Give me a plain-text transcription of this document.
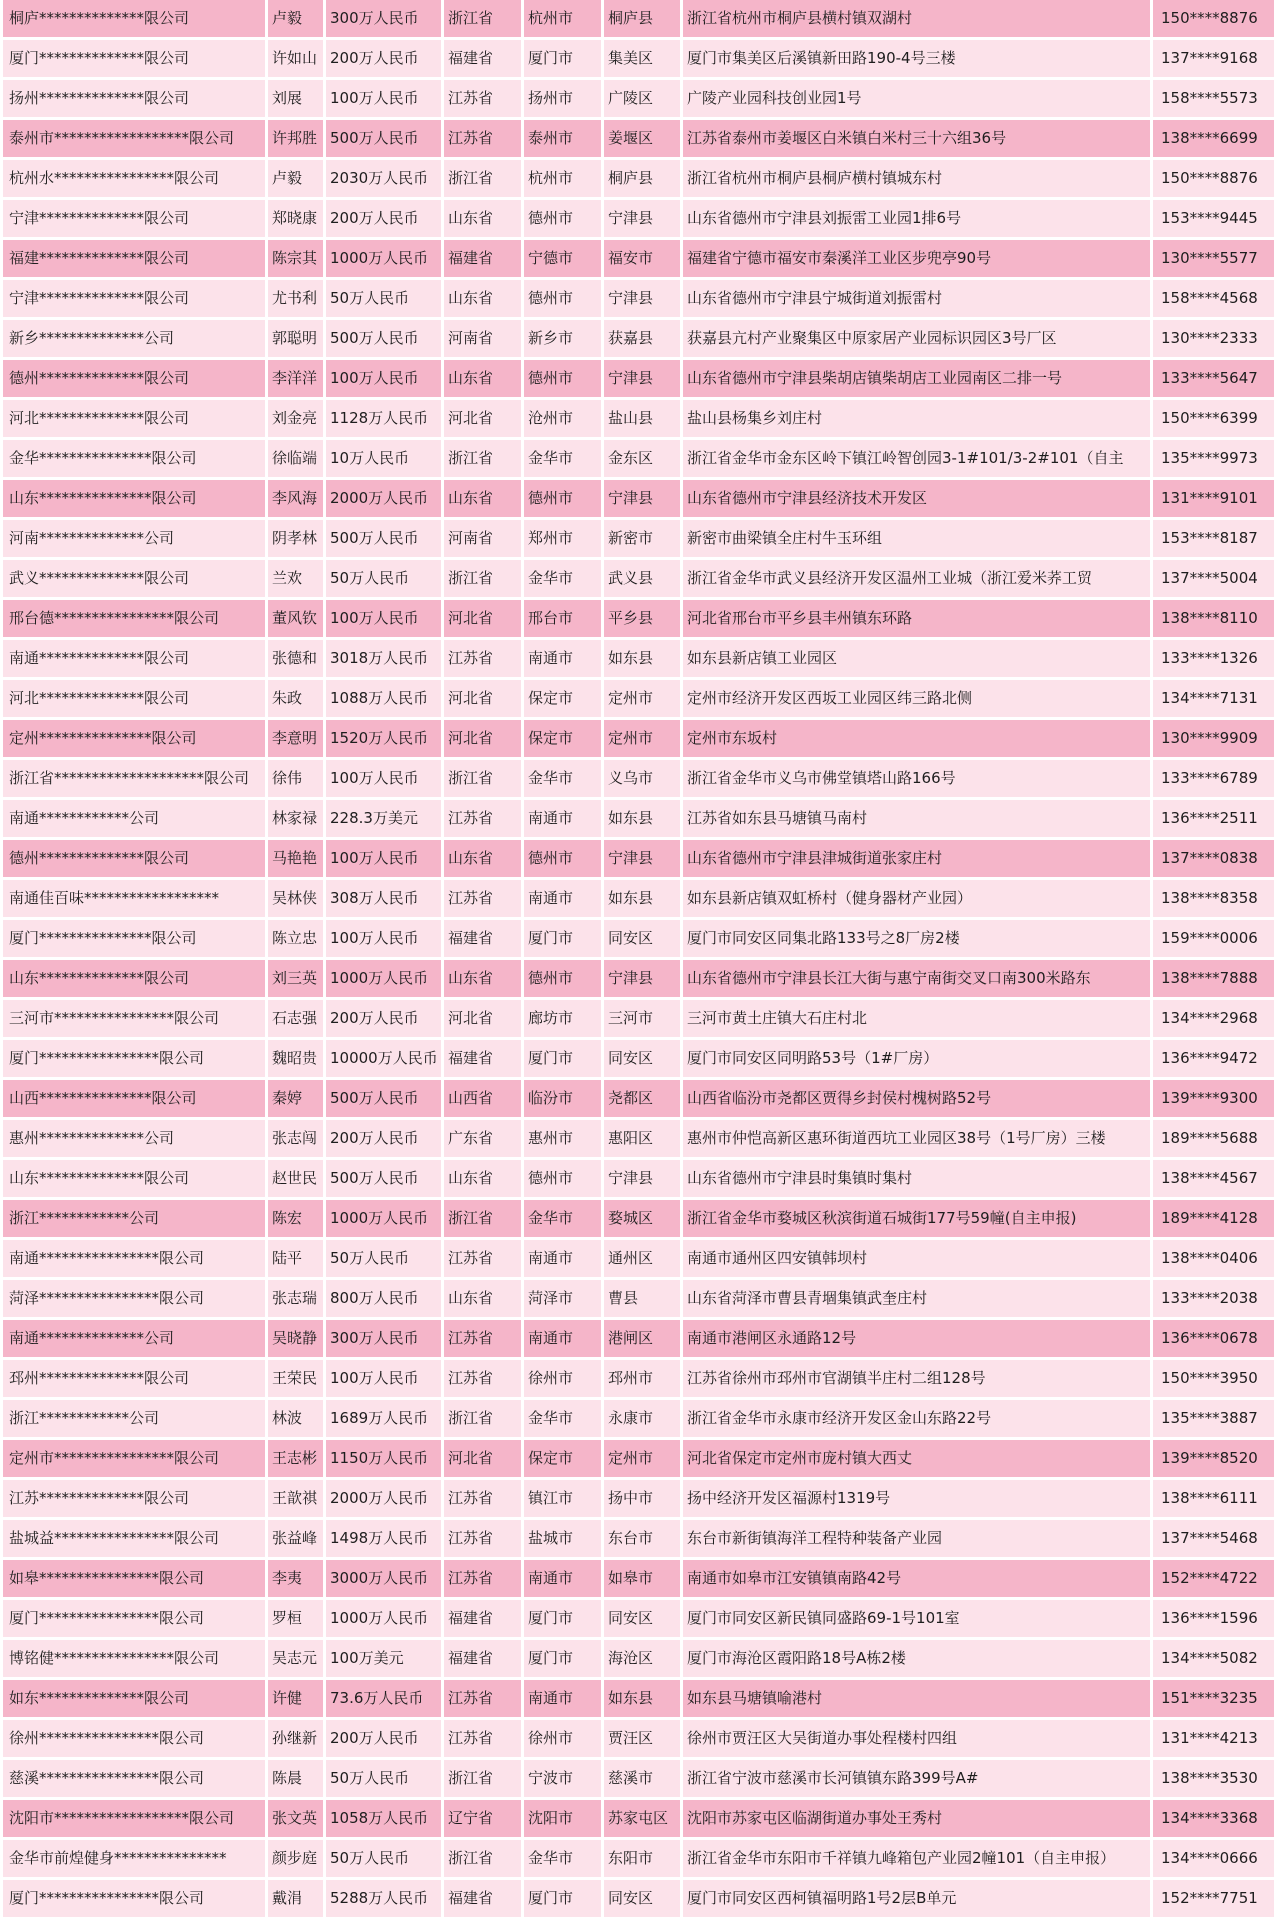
桐庐**************限公司	卢毅	300万人民币	浙江省	杭州市	桐庐县	浙江省杭州市桐庐县横村镇双湖村	150****8876
厦门**************限公司	许如山	200万人民币	福建省	厦门市	集美区	厦门市集美区后溪镇新田路190-4号三楼	137****9168
扬州**************限公司	刘展	100万人民币	江苏省	扬州市	广陵区	广陵产业园科技创业园1号	158****5573
泰州市******************限公司	许邦胜	500万人民币	江苏省	泰州市	姜堰区	江苏省泰州市姜堰区白米镇白米村三十六组36号	138****6699
杭州水****************限公司	卢毅	2030万人民币	浙江省	杭州市	桐庐县	浙江省杭州市桐庐县桐庐横村镇城东村	150****8876
宁津**************限公司	郑晓康	200万人民币	山东省	德州市	宁津县	山东省德州市宁津县刘振雷工业园1排6号	153****9445
福建**************限公司	陈宗其	1000万人民币	福建省	宁德市	福安市	福建省宁德市福安市秦溪洋工业区步兜亭90号	130****5577
宁津**************限公司	尤书利	50万人民币	山东省	德州市	宁津县	山东省德州市宁津县宁城街道刘振雷村	158****4568
新乡**************公司	郭聪明	500万人民币	河南省	新乡市	获嘉县	获嘉县亢村产业聚集区中原家居产业园标识园区3号厂区	130****2333
德州**************限公司	李洋洋	100万人民币	山东省	德州市	宁津县	山东省德州市宁津县柴胡店镇柴胡店工业园南区二排一号	133****5647
河北**************限公司	刘金亮	1128万人民币	河北省	沧州市	盐山县	盐山县杨集乡刘庄村	150****6399
金华***************限公司	徐临端	10万人民币	浙江省	金华市	金东区	浙江省金华市金东区岭下镇江岭智创园3-1#101/3-2#101（自主	135****9973
山东***************限公司	李风海	2000万人民币	山东省	德州市	宁津县	山东省德州市宁津县经济技术开发区	131****9101
河南**************公司	阴孝林	500万人民币	河南省	郑州市	新密市	新密市曲梁镇全庄村牛玉环组	153****8187
武义**************限公司	兰欢	50万人民币	浙江省	金华市	武义县	浙江省金华市武义县经济开发区温州工业城（浙江爱米荞工贸	137****5004
邢台德****************限公司	董风钦	100万人民币	河北省	邢台市	平乡县	河北省邢台市平乡县丰州镇东环路	138****8110
南通**************限公司	张德和	3018万人民币	江苏省	南通市	如东县	如东县新店镇工业园区	133****1326
河北**************限公司	朱政	1088万人民币	河北省	保定市	定州市	定州市经济开发区西坂工业园区纬三路北侧	134****7131
定州***************限公司	李意明	1520万人民币	河北省	保定市	定州市	定州市东坂村	130****9909
浙江省********************限公司	徐伟	100万人民币	浙江省	金华市	义乌市	浙江省金华市义乌市佛堂镇塔山路166号	133****6789
南通************公司	林家禄	228.3万美元	江苏省	南通市	如东县	江苏省如东县马塘镇马南村	136****2511
德州**************限公司	马艳艳	100万人民币	山东省	德州市	宁津县	山东省德州市宁津县津城街道张家庄村	137****0838
南通佳百味******************	吴林侠	308万人民币	江苏省	南通市	如东县	如东县新店镇双虹桥村（健身器材产业园）	138****8358
厦门***************限公司	陈立忠	100万人民币	福建省	厦门市	同安区	厦门市同安区同集北路133号之8厂房2楼	159****0006
山东**************限公司	刘三英	1000万人民币	山东省	德州市	宁津县	山东省德州市宁津县长江大街与惠宁南街交叉口南300米路东	138****7888
三河市****************限公司	石志强	200万人民币	河北省	廊坊市	三河市	三河市黄土庄镇大石庄村北	134****2968
厦门****************限公司	魏昭贵	10000万人民币	福建省	厦门市	同安区	厦门市同安区同明路53号（1#厂房）	136****9472
山西***************限公司	秦婷	500万人民币	山西省	临汾市	尧都区	山西省临汾市尧都区贾得乡封侯村槐树路52号	139****9300
惠州**************公司	张志闯	200万人民币	广东省	惠州市	惠阳区	惠州市仲恺高新区惠环街道西坑工业园区38号（1号厂房）三楼	189****5688
山东**************限公司	赵世民	500万人民币	山东省	德州市	宁津县	山东省德州市宁津县时集镇时集村	138****4567
浙江************公司	陈宏	1000万人民币	浙江省	金华市	婺城区	浙江省金华市婺城区秋滨街道石城街177号59幢(自主申报)	189****4128
南通****************限公司	陆平	50万人民币	江苏省	南通市	通州区	南通市通州区四安镇韩坝村	138****0406
菏泽****************限公司	张志瑞	800万人民币	山东省	菏泽市	曹县	山东省菏泽市曹县青堌集镇武奎庄村	133****2038
南通**************公司	吴晓静	300万人民币	江苏省	南通市	港闸区	南通市港闸区永通路12号	136****0678
邳州**************限公司	王荣民	100万人民币	江苏省	徐州市	邳州市	江苏省徐州市邳州市官湖镇半庄村二组128号	150****3950
浙江************公司	林波	1689万人民币	浙江省	金华市	永康市	浙江省金华市永康市经济开发区金山东路22号	135****3887
定州市****************限公司	王志彬	1150万人民币	河北省	保定市	定州市	河北省保定市定州市庞村镇大西丈	139****8520
江苏**************限公司	王歆祺	2000万人民币	江苏省	镇江市	扬中市	扬中经济开发区福源村1319号	138****6111
盐城益****************限公司	张益峰	1498万人民币	江苏省	盐城市	东台市	东台市新街镇海洋工程特种装备产业园	137****5468
如皋****************限公司	李夷	3000万人民币	江苏省	南通市	如皋市	南通市如皋市江安镇镇南路42号	152****4722
厦门****************限公司	罗桓	1000万人民币	福建省	厦门市	同安区	厦门市同安区新民镇同盛路69-1号101室	136****1596
博铭健****************限公司	吴志元	100万美元	福建省	厦门市	海沧区	厦门市海沧区霞阳路18号A栋2楼	134****5082
如东**************限公司	许健	73.6万人民币	江苏省	南通市	如东县	如东县马塘镇喻港村	151****3235
徐州****************限公司	孙继新	200万人民币	江苏省	徐州市	贾汪区	徐州市贾汪区大吴街道办事处程楼村四组	131****4213
慈溪****************限公司	陈晨	50万人民币	浙江省	宁波市	慈溪市	浙江省宁波市慈溪市长河镇镇东路399号A#	138****3530
沈阳市******************限公司	张文英	1058万人民币	辽宁省	沈阳市	苏家屯区	沈阳市苏家屯区临湖街道办事处王秀村	134****3368
金华市前煌健身***************	颜步庭	50万人民币	浙江省	金华市	东阳市	浙江省金华市东阳市千祥镇九峰箱包产业园2幢101（自主申报）	134****0666
厦门****************限公司	戴涓	5288万人民币	福建省	厦门市	同安区	厦门市同安区西柯镇福明路1号2层B单元	152****7751
